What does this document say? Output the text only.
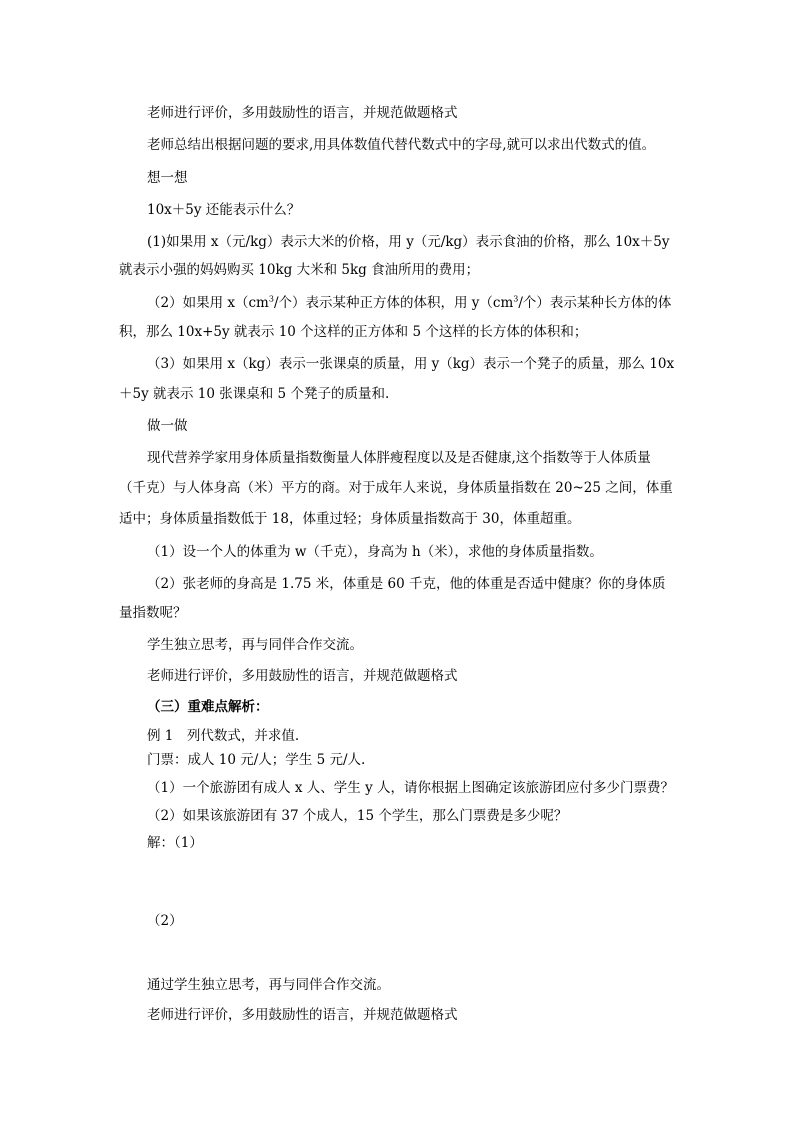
老师进行评价，多用鼓励性的语言，并规范做题格式
老师总结出根据问题的要求,用具体数值代替代数式中的字母,就可以求出代数式的值。
想一想
10x＋5y 还能表示什么？
(1)如果用 x（元/kg）表示大米的价格，用 y（元/kg）表示食油的价格，那么 10x＋5y
就表示小强的妈妈购买 10kg 大米和 5kg 食油所用的费用；
（2）如果用 $x(cm^3/$个）表示某种正方体的体积，用 $y(cm^3/$个）表示某种长方体的体
积，那么 10x+5y 就表示 10 个这样的正方体和 5 个这样的长方体的体积和；
（3）如果用 x（kg）表示一张课桌的质量，用 y（kg）表示一个凳子的质量，那么 10x
＋5y 就表示 10 张课桌和 5 个凳子的质量和.
做一做
现代营养学家用身体质量指数衡量人体胖瘦程度以及是否健康,这个指数等于人体质量
（千克）与人体身高（米）平方的商。对于成年人来说，身体质量指数在 20~25 之间，体重
适中；身体质量指数低于 18，体重过轻；身体质量指数高于 30，体重超重。
（1）设一个人的体重为 w（千克），身高为 h（米），求他的身体质量指数。
（2）张老师的身高是 1.75 米，体重是 60 千克，他的体重是否适中健康？你的身体质
量指数呢？
学生独立思考，再与同伴合作交流。
老师进行评价，多用鼓励性的语言，并规范做题格式
（三）重难点解析：
例 1　列代数式，并求值.
门票：成人 10 元/人；学生 5 元/人.
（1）一个旅游团有成人 x 人、学生 y 人，请你根据上图确定该旅游团应付多少门票费？
（2）如果该旅游团有 37 个成人，15 个学生，那么门票费是多少呢？
解：（1）
（2）
通过学生独立思考，再与同伴合作交流。
老师进行评价，多用鼓励性的语言，并规范做题格式
